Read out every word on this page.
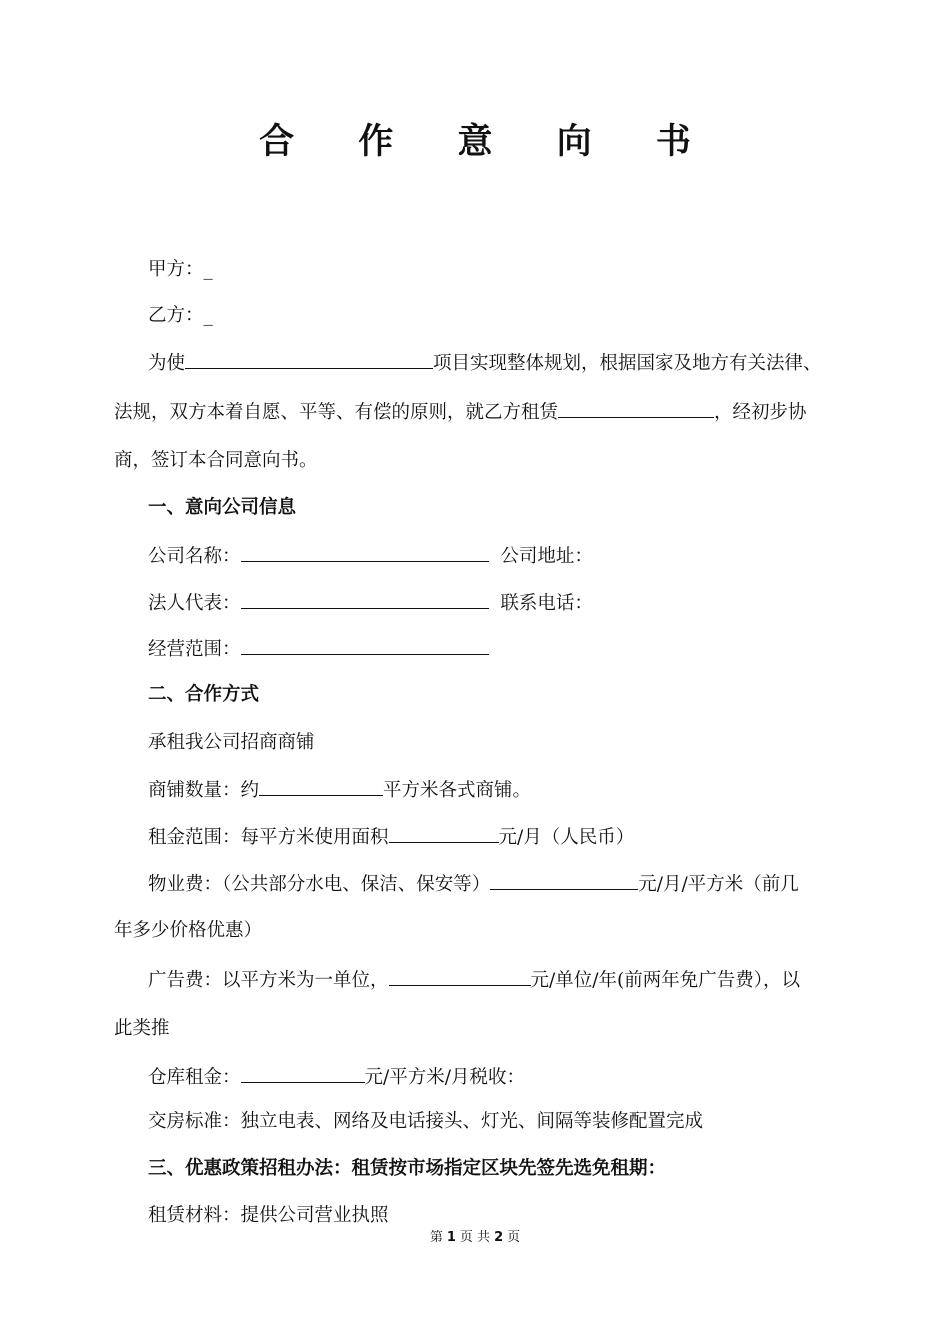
合 作 意 向 书
甲方：_
乙方：_
为使	项目实现整体规划，根据国家及地方有关法律、
法规，双方本着自愿、平等、有偿的原则，就乙方租赁	，经初步协
商，签订本合同意向书。
一、意向公司信息
公司名称：	公司地址：
法人代表：	联系电话：
经营范围：
二、合作方式
承租我公司招商商铺
商铺数量：约	平方米各式商铺。
租金范围：每平方米使用面积	元/月（人民币）
物业费：（公共部分水电、保洁、保安等）	元/月/平方米（前几
年多少价格优惠）
广告费：以平方米为一单位，	元/单位/年(前两年免广告费），以
此类推
仓库租金：	元/平方米/月税收：
交房标准：独立电表、网络及电话接头、灯光、间隔等装修配置完成
三、优惠政策招租办法：租赁按市场指定区块先签先选免租期：
租赁材料：提供公司营业执照
第 1 页 共 2 页
